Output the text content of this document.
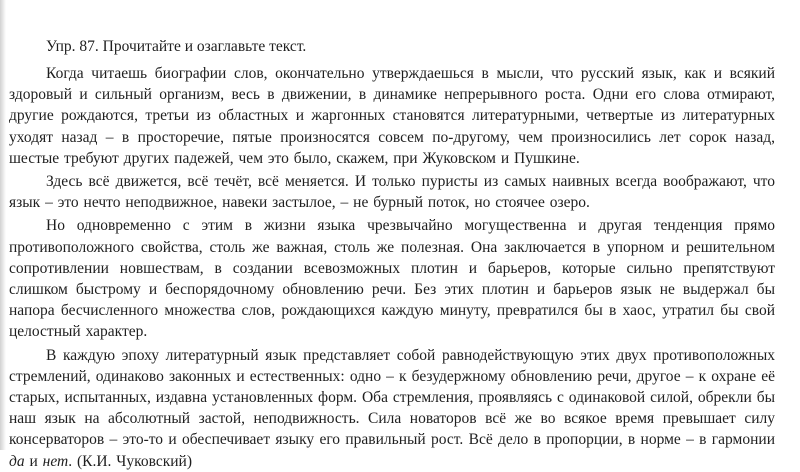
Упр. 87. Прочитайте и озаглавьте текст.

Когда читаешь биографии слов, окончательно утверждаешься в мысли, что русский язык, как и всякий здоровый и сильный организм, весь в движении, в динамике непрерывного роста. Одни его слова отмирают, другие рождаются, третьи из областных и жаргонных становятся литературными, четвертые из литературных уходят назад – в просторечие, пятые произносятся совсем по-другому, чем произносились лет сорок назад, шестые требуют других падежей, чем это было, скажем, при Жуковском и Пушкине.

Здесь всё движется, всё течёт, всё меняется. И только пуристы из самых наивных всегда воображают, что язык – это нечто неподвижное, навеки застылое, – не бурный поток, но стоячее озеро.

Но одновременно с этим в жизни языка чрезвычайно могущественна и другая тенденция прямо противоположного свойства, столь же важная, столь же полезная. Она заключается в упорном и решительном сопротивлении новшествам, в создании всевозможных плотин и барьеров, которые сильно препятствуют слишком быстрому и беспорядочному обновлению речи. Без этих плотин и барьеров язык не выдержал бы напора бесчисленного множества слов, рождающихся каждую минуту, превратился бы в хаос, утратил бы свой целостный характер.

В каждую эпоху литературный язык представляет собой равнодействующую этих двух противоположных стремлений, одинаково законных и естественных: одно – к безудержному обновлению речи, другое – к охране её старых, испытанных, издавна установленных форм. Оба стремления, проявляясь с одинаковой силой, обрекли бы наш язык на абсолютный застой, неподвижность. Сила новаторов всё же во всякое время превышает силу консерваторов – это-то и обеспечивает языку его правильный рост. Всё дело в пропорции, в норме – в гармонии да и нет. (К.И. Чуковский)
